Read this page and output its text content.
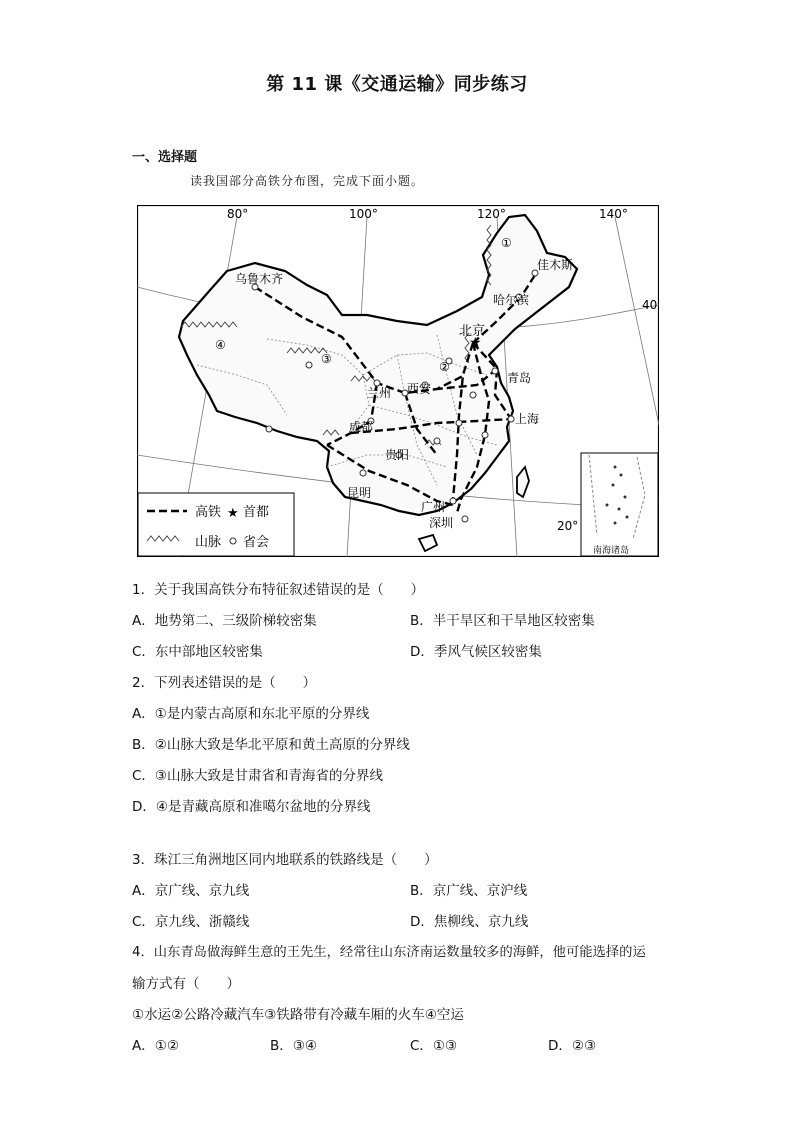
第 11 课《交通运输》同步练习
一、选择题
读我国部分高铁分布图，完成下面小题。
80°	100°	120°	140°
40
20°
★
乌鲁木齐
哈尔滨
佳木斯
北京
青岛
兰州 西安
上海
成都
贵阳
昆明
广州
深圳
①
②
③
④
高铁 ★ 首都
山脉 省会
南海诸岛
1．关于我国高铁分布特征叙述错误的是（　　）
A．地势第二、三级阶梯较密集	B．半干旱区和干旱地区较密集
C．东中部地区较密集	D．季风气候区较密集
2．下列表述错误的是（　　）
A．①是内蒙古高原和东北平原的分界线
B．②山脉大致是华北平原和黄土高原的分界线
C．③山脉大致是甘肃省和青海省的分界线
D．④是青藏高原和准噶尔盆地的分界线
3．珠江三角洲地区同内地联系的铁路线是（　　）
A．京广线、京九线	B．京广线、京沪线
C．京九线、浙赣线	D．焦柳线、京九线
4．山东青岛做海鲜生意的王先生，经常往山东济南运数量较多的海鲜，他可能选择的运
输方式有（　　）
①水运②公路冷藏汽车③铁路带有冷藏车厢的火车④空运
A．①②	B．③④	C．①③	D．②③
